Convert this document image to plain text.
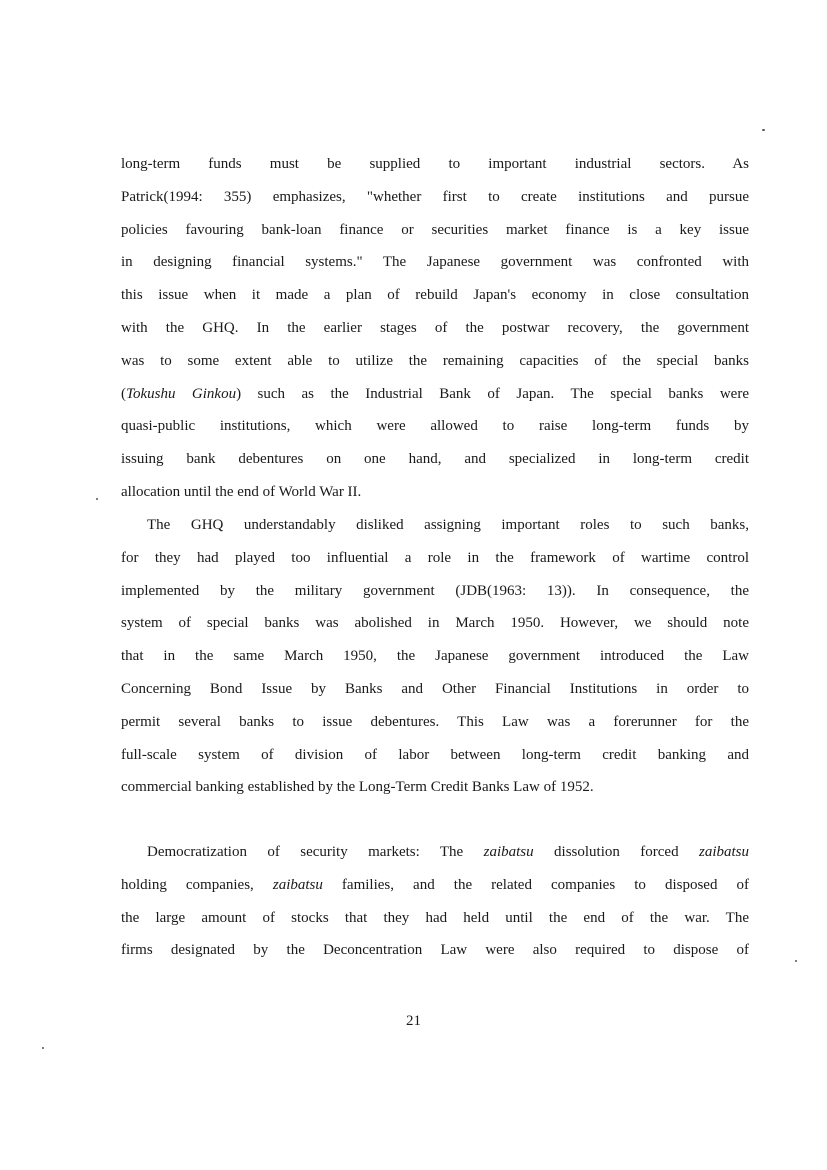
long-term funds must be supplied to important industrial sectors. As
Patrick(1994: 355) emphasizes, "whether first to create institutions and pursue
policies favouring bank-loan finance or securities market finance is a key issue
in designing financial systems." The Japanese government was confronted with
this issue when it made a plan of rebuild Japan's economy in close consultation
with the GHQ. In the earlier stages of the postwar recovery, the government
was to some extent able to utilize the remaining capacities of the special banks
(Tokushu Ginkou) such as the Industrial Bank of Japan. The special banks were
quasi-public institutions, which were allowed to raise long-term funds by
issuing bank debentures on one hand, and specialized in long-term credit
allocation until the end of World War II.
The GHQ understandably disliked assigning important roles to such banks,
for they had played too influential a role in the framework of wartime control
implemented by the military government (JDB(1963: 13)). In consequence, the
system of special banks was abolished in March 1950. However, we should note
that in the same March 1950, the Japanese government introduced the Law
Concerning Bond Issue by Banks and Other Financial Institutions in order to
permit several banks to issue debentures. This Law was a forerunner for the
full-scale system of division of labor between long-term credit banking and
commercial banking established by the Long-Term Credit Banks Law of 1952.
Democratization of security markets: The zaibatsu dissolution forced zaibatsu
holding companies, zaibatsu families, and the related companies to disposed of
the large amount of stocks that they had held until the end of the war. The
firms designated by the Deconcentration Law were also required to dispose of
21
